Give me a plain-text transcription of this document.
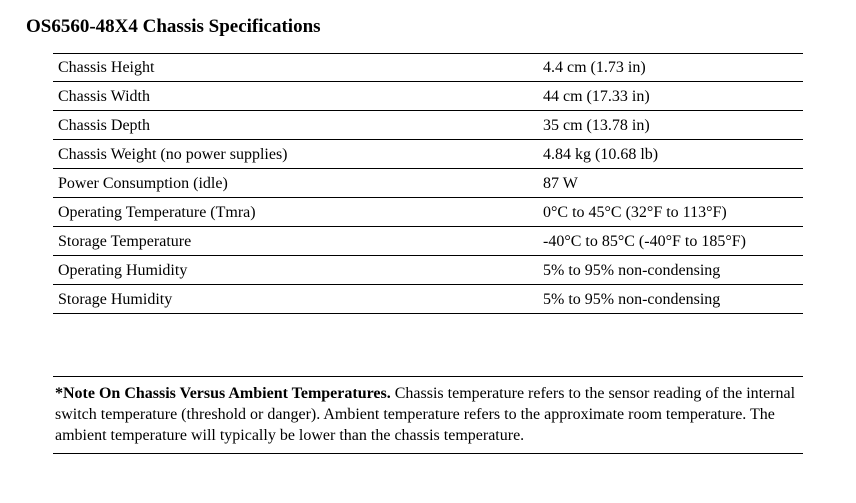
OS6560-48X4 Chassis Specifications
Chassis Height	4.4 cm (1.73 in)
Chassis Width	44 cm (17.33 in)
Chassis Depth	35 cm (13.78 in)
Chassis Weight (no power supplies)	4.84 kg (10.68 lb)
Power Consumption (idle)	87 W
Operating Temperature (Tmra)	0°C to 45°C (32°F to 113°F)
Storage Temperature	-40°C to 85°C (-40°F to 185°F)
Operating Humidity	5% to 95% non-condensing
Storage Humidity	5% to 95% non-condensing

*Note On Chassis Versus Ambient Temperatures. Chassis temperature refers to the sensor reading of the internal switch temperature (threshold or danger). Ambient temperature refers to the approximate room temperature. The ambient temperature will typically be lower than the chassis temperature.
